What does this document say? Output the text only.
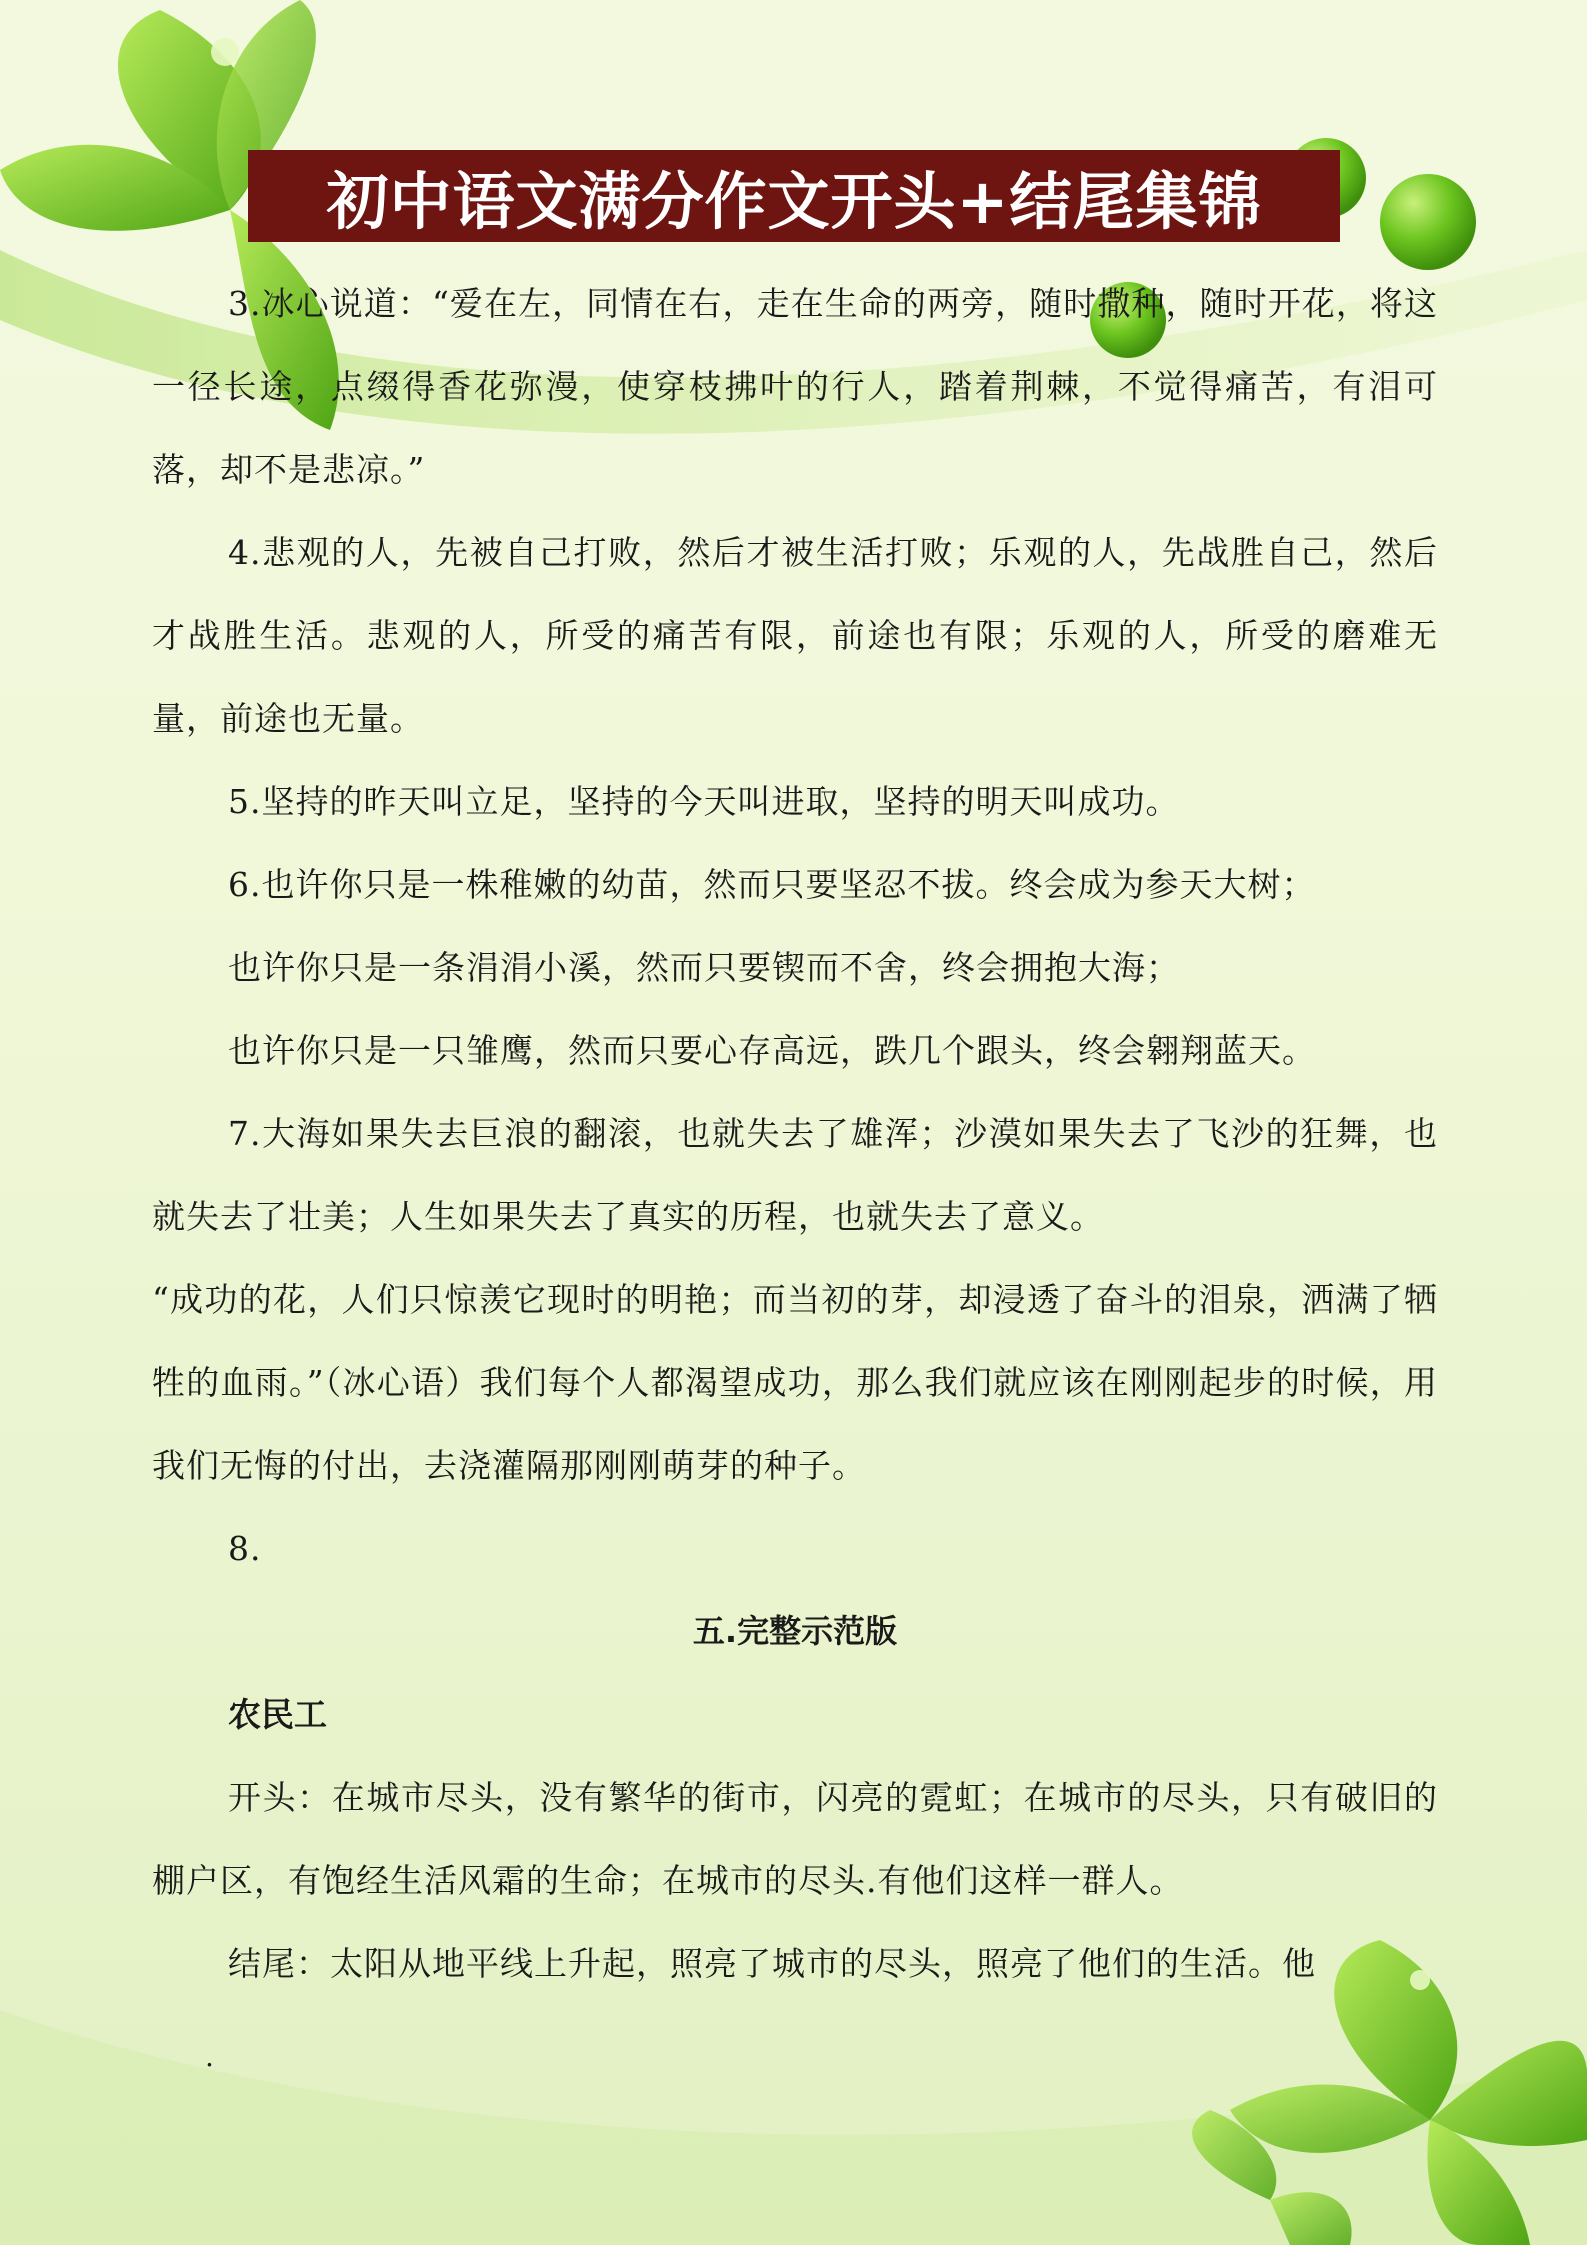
初中语文满分作文开头+结尾集锦

3.冰心说道：“爱在左，同情在右，走在生命的两旁，随时撒种，随时开花，将这一径长途，点缀得香花弥漫，使穿枝拂叶的行人，踏着荆棘，不觉得痛苦，有泪可落，却不是悲凉。”

4.悲观的人，先被自己打败，然后才被生活打败；乐观的人，先战胜自己，然后才战胜生活。悲观的人，所受的痛苦有限，前途也有限；乐观的人，所受的磨难无量，前途也无量。

5.坚持的昨天叫立足，坚持的今天叫进取，坚持的明天叫成功。

6.也许你只是一株稚嫩的幼苗，然而只要坚忍不拔。终会成为参天大树；

也许你只是一条涓涓小溪，然而只要锲而不舍，终会拥抱大海；

也许你只是一只雏鹰，然而只要心存高远，跌几个跟头，终会翱翔蓝天。

7.大海如果失去巨浪的翻滚，也就失去了雄浑；沙漠如果失去了飞沙的狂舞，也就失去了壮美；人生如果失去了真实的历程，也就失去了意义。

“成功的花，人们只惊羡它现时的明艳；而当初的芽，却浸透了奋斗的泪泉，洒满了牺牲的血雨。”（冰心语）我们每个人都渴望成功，那么我们就应该在刚刚起步的时候，用我们无悔的付出，去浇灌隔那刚刚萌芽的种子。

8.

五.完整示范版

农民工

开头：在城市尽头，没有繁华的街市，闪亮的霓虹；在城市的尽头，只有破旧的棚户区，有饱经生活风霜的生命；在城市的尽头.有他们这样一群人。

结尾：太阳从地平线上升起，照亮了城市的尽头，照亮了他们的生活。他

.
